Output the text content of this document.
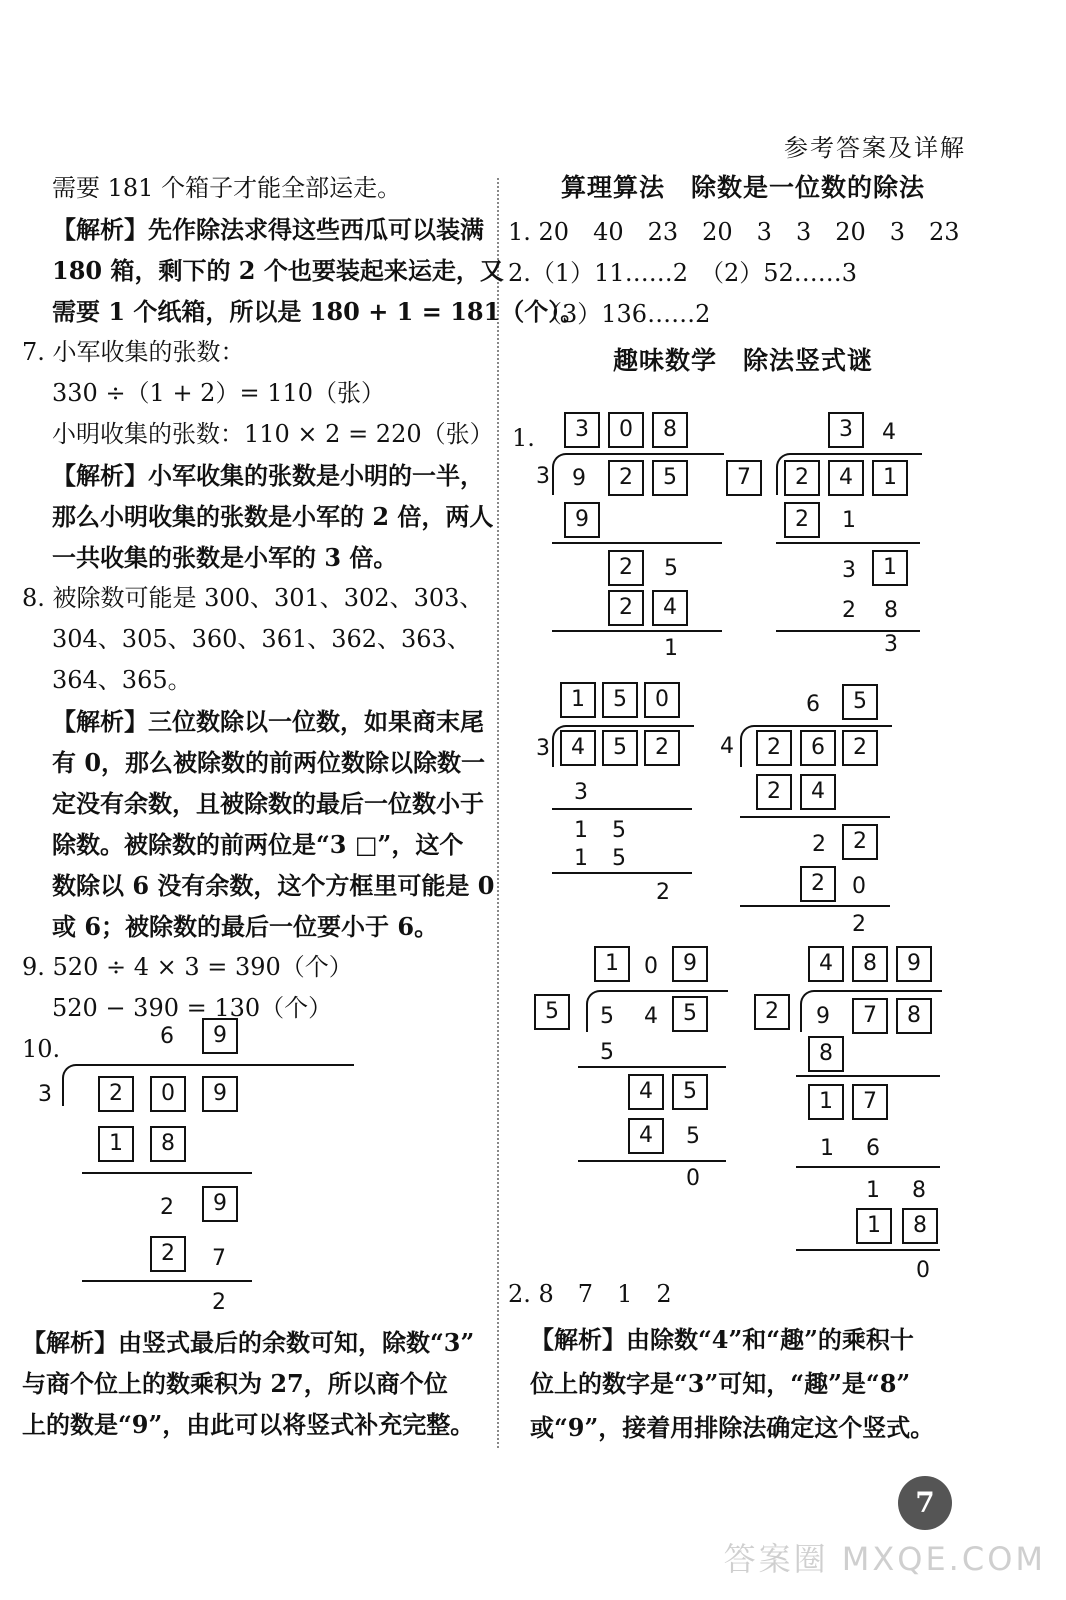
参考答案及详解
需要 181 个箱子才能全部运走。
【解析】先作除法求得这些西瓜可以装满
180 箱，剩下的 2 个也要装起来运走，又
需要 1 个纸箱，所以是 180 + 1 = 181（个）。
7. 小军收集的张数：
330 ÷（1 + 2）= 110（张）
小明收集的张数：110 × 2 = 220（张）
【解析】小军收集的张数是小明的一半，
那么小明收集的张数是小军的 2 倍，两人
一共收集的张数是小军的 3 倍。
8. 被除数可能是 300、301、302、303、
304、305、360、361、362、363、
364、365。
【解析】三位数除以一位数，如果商末尾
有 0，那么被除数的前两位数除以除数一
定没有余数，且被除数的最后一位数小于
除数。被除数的前两位是“3 □”，这个
数除以 6 没有余数，这个方框里可能是 0
或 6；被除数的最后一位要小于 6。
9. 520 ÷ 4 × 3 = 390（个）
520 − 390 = 130（个）
10.
【解析】由竖式最后的余数可知，除数“3”
与商个位上的数乘积为 27，所以商个位
上的数是“9”，由此可以将竖式补充完整。
算理算法　除数是一位数的除法
1. 20　40　23　20　3　3　20　3　23
2.（1）11……2　（2）52……3
（3）136……2
趣味数学　除法竖式谜
1.
2. 8　7　1　2
【解析】由除数“4”和“趣”的乘积十
位上的数字是“3”可知，“趣”是“8”
或“9”，接着用排除法确定这个竖式。
6	9
3	2	0	9
1	8
2	9
2	7
2
3	0	8
3 9	2	5
9
2	5
2	4
1
3	4
7	2	4	1
2	1
3	1
2 8
3
1	5	0
3 4	5	2
3
1 5
1 5
2
6	5
4	2	6	2
2	4
2	2
2	0
2
1	0	9
5	5 4	5
5
4	5
4	5
0
4	8	9
2	9	7	8
8
1	7
1 6
1 8
1	8
0
7
答案圈 MXQE.COM
